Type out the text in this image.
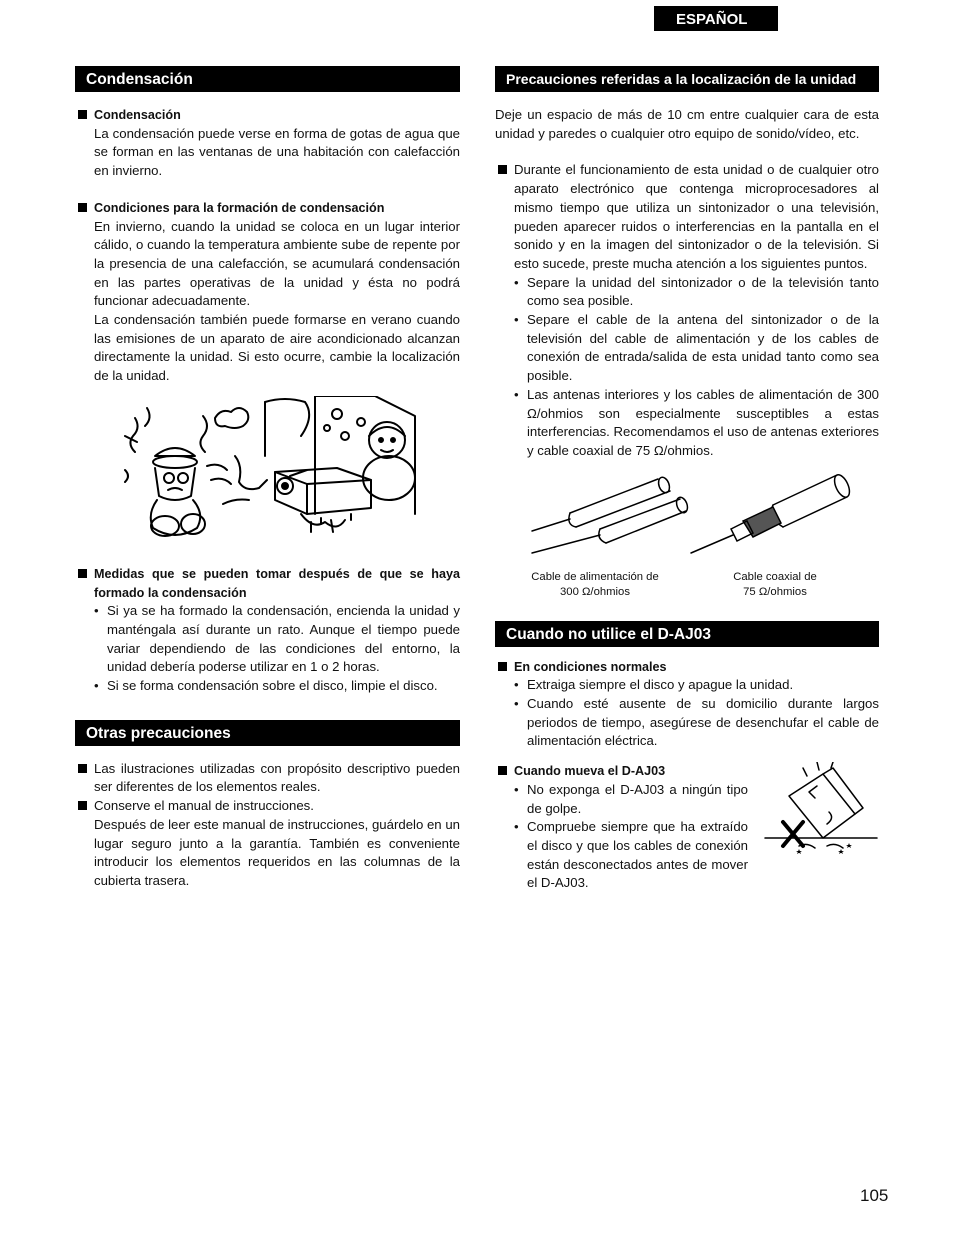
ESPAÑOL
Condensación
Condensación
La condensación puede verse en forma de gotas de agua que se forman en las ventanas de una habitación con calefacción en invierno.
Condiciones para la formación de condensación
En invierno, cuando la unidad se coloca en un lugar interior cálido, o cuando la temperatura ambiente sube de repente por la presencia de una calefacción, se acumulará condensación en las partes operativas de la unidad y ésta no podrá funcionar adecuadamente.
La condensación también puede formarse en verano cuando las emisiones de un aparato de aire acondicionado alcanzan directamente la unidad. Si esto ocurre, cambie la localización de la unidad.
Medidas que se pueden tomar después de que se haya formado la condensación
• Si ya se ha formado la condensación, encienda la unidad y manténgala así durante un rato. Aunque el tiempo puede variar dependiendo de las condiciones del entorno, la unidad debería poderse utilizar en 1 o 2 horas.
• Si se forma condensación sobre el disco, limpie el disco.
Otras precauciones
Las ilustraciones utilizadas con propósito descriptivo pueden ser diferentes de los elementos reales.
Conserve el manual de instrucciones.
Después de leer este manual de instrucciones, guárdelo en un lugar seguro junto a la garantía. También es conveniente introducir los elementos requeridos en las columnas de la cubierta trasera.
Precauciones referidas a la localización de la unidad
Deje un espacio de más de 10 cm entre cualquier cara de esta unidad y paredes o cualquier otro equipo de sonido/vídeo, etc.
Durante el funcionamiento de esta unidad o de cualquier otro aparato electrónico que contenga microprocesadores al mismo tiempo que utiliza un sintonizador o una televisión, pueden aparecer ruidos o interferencias en la pantalla en el sonido y en la imagen del sintonizador o de la televisión. Si esto sucede, preste mucha atención a los siguientes puntos.
• Separe la unidad del sintonizador o de la televisión tanto como sea posible.
• Separe el cable de la antena del sintonizador o de la televisión del cable de alimentación y de los cables de conexión de entrada/salida de esta unidad tanto como sea posible.
• Las antenas interiores y los cables de alimentación de 300 Ω/ohmios son especialmente susceptibles a estas interferencias. Recomendamos el uso de antenas exteriores y cable coaxial de 75 Ω/ohmios.
Cable de alimentación de
300 Ω/ohmios
Cable coaxial de
75 Ω/ohmios
Cuando no utilice el D-AJ03
En condiciones normales
• Extraiga siempre el disco y apague la unidad.
• Cuando esté ausente de su domicilio durante largos periodos de tiempo, asegúrese de desenchufar el cable de alimentación eléctrica.
Cuando mueva el D-AJ03
• No exponga el D-AJ03 a ningún tipo de golpe.
• Compruebe siempre que ha extraído el disco y que los cables de conexión están desconectados antes de mover el D-AJ03.
105
